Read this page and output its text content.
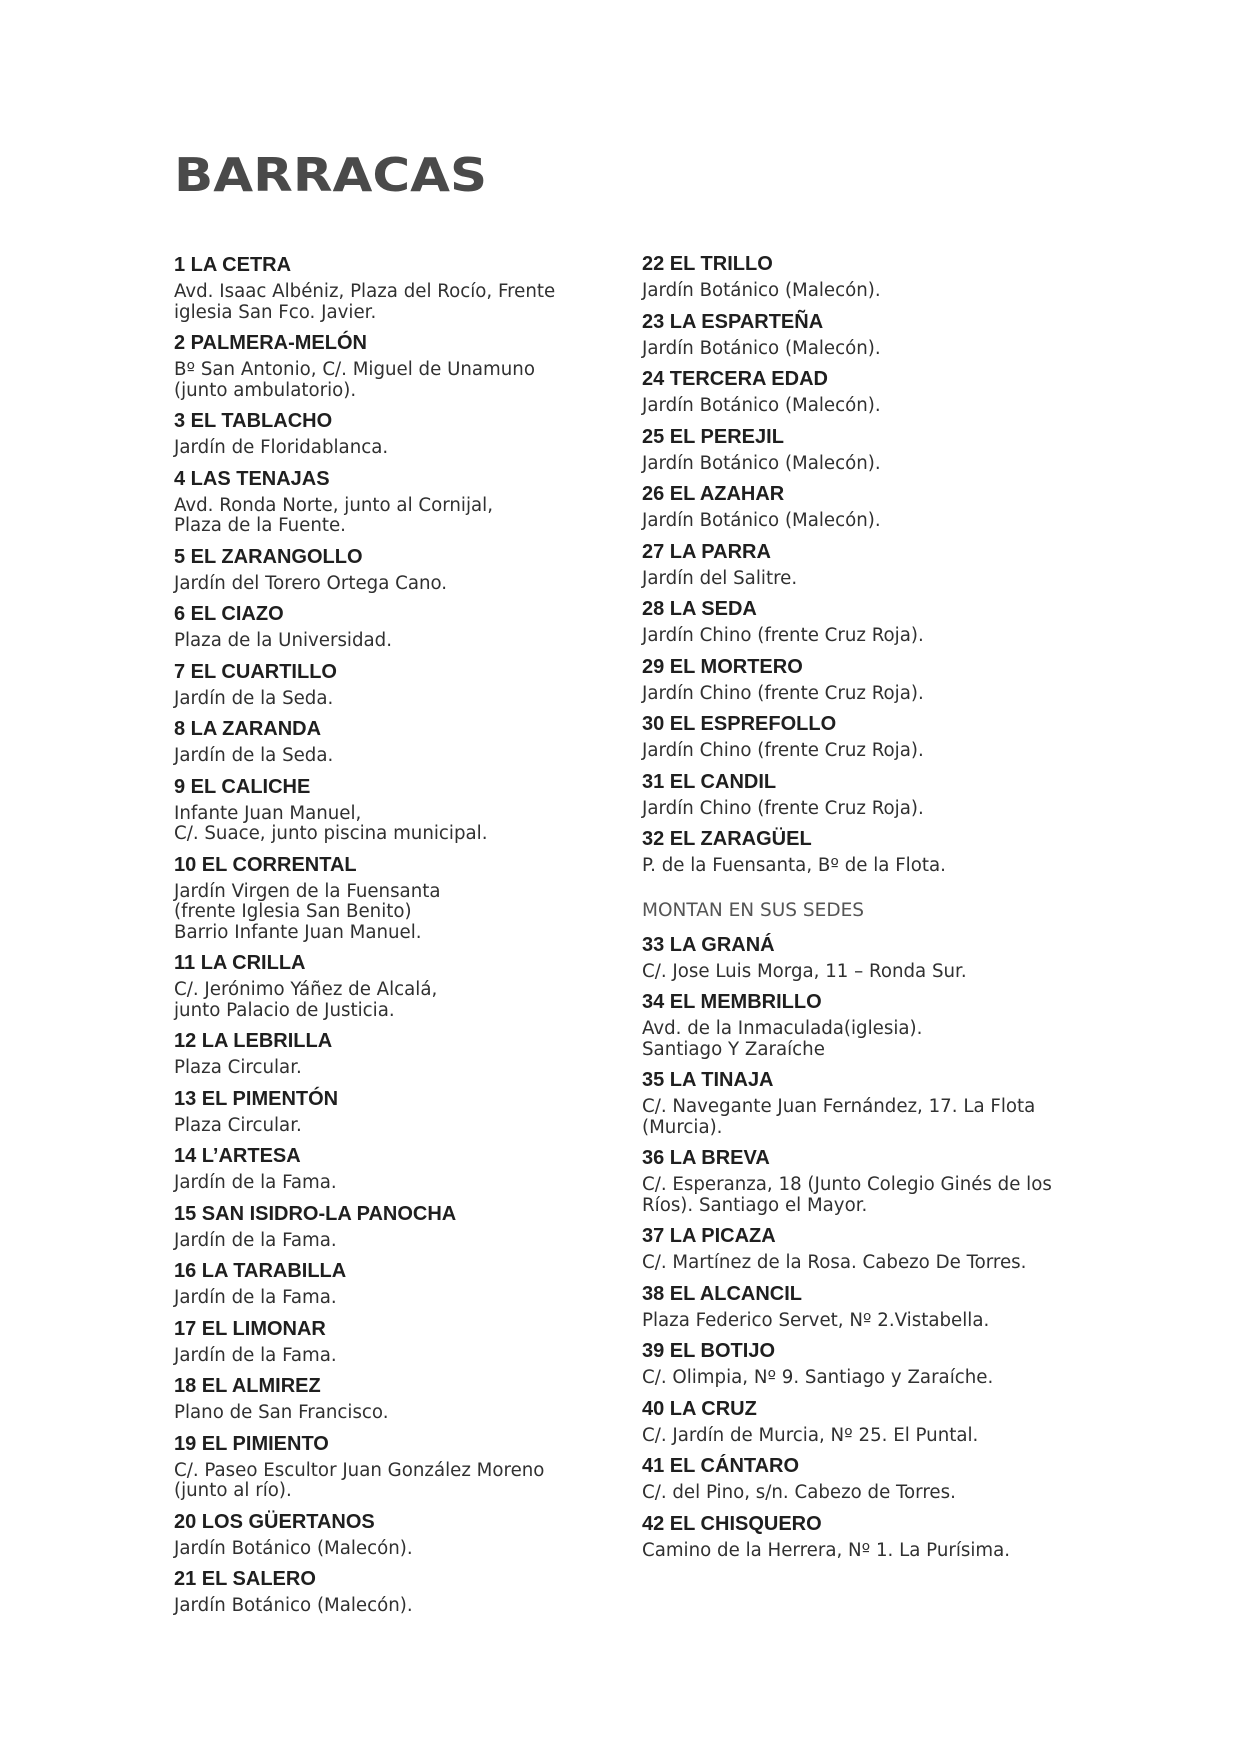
BARRACAS
1 LA CETRA
Avd. Isaac Albéniz, Plaza del Rocío, Frente
iglesia San Fco. Javier.
2 PALMERA-MELÓN
Bº San Antonio, C/. Miguel de Unamuno
(junto ambulatorio).
3 EL TABLACHO
Jardín de Floridablanca.
4 LAS TENAJAS
Avd. Ronda Norte, junto al Cornijal,
Plaza de la Fuente.
5 EL ZARANGOLLO
Jardín del Torero Ortega Cano.
6 EL CIAZO
Plaza de la Universidad.
7 EL CUARTILLO
Jardín de la Seda.
8 LA ZARANDA
Jardín de la Seda.
9 EL CALICHE
Infante Juan Manuel,
C/. Suace, junto piscina municipal.
10 EL CORRENTAL
Jardín Virgen de la Fuensanta
(frente Iglesia San Benito)
Barrio Infante Juan Manuel.
11 LA CRILLA
C/. Jerónimo Yáñez de Alcalá,
junto Palacio de Justicia.
12 LA LEBRILLA
Plaza Circular.
13 EL PIMENTÓN
Plaza Circular.
14 L’ARTESA
Jardín de la Fama.
15 SAN ISIDRO-LA PANOCHA
Jardín de la Fama.
16 LA TARABILLA
Jardín de la Fama.
17 EL LIMONAR
Jardín de la Fama.
18 EL ALMIREZ
Plano de San Francisco.
19 EL PIMIENTO
C/. Paseo Escultor Juan González Moreno
(junto al río).
20 LOS GÜERTANOS
Jardín Botánico (Malecón).
21 EL SALERO
Jardín Botánico (Malecón).
22 EL TRILLO
Jardín Botánico (Malecón).
23 LA ESPARTEÑA
Jardín Botánico (Malecón).
24 TERCERA EDAD
Jardín Botánico (Malecón).
25 EL PEREJIL
Jardín Botánico (Malecón).
26 EL AZAHAR
Jardín Botánico (Malecón).
27 LA PARRA
Jardín del Salitre.
28 LA SEDA
Jardín Chino (frente Cruz Roja).
29 EL MORTERO
Jardín Chino (frente Cruz Roja).
30 EL ESPREFOLLO
Jardín Chino (frente Cruz Roja).
31 EL CANDIL
Jardín Chino (frente Cruz Roja).
32 EL ZARAGÜEL
P. de la Fuensanta, Bº de la Flota.
MONTAN EN SUS SEDES
33 LA GRANÁ
C/. Jose Luis Morga, 11 – Ronda Sur.
34 EL MEMBRILLO
Avd. de la Inmaculada(iglesia).
Santiago Y Zaraíche
35 LA TINAJA
C/. Navegante Juan Fernández, 17. La Flota
(Murcia).
36 LA BREVA
C/. Esperanza, 18 (Junto Colegio Ginés de los
Ríos). Santiago el Mayor.
37 LA PICAZA
C/. Martínez de la Rosa. Cabezo De Torres.
38 EL ALCANCIL
Plaza Federico Servet, Nº 2.Vistabella.
39 EL BOTIJO
C/. Olimpia, Nº 9. Santiago y Zaraíche.
40 LA CRUZ
C/. Jardín de Murcia, Nº 25. El Puntal.
41 EL CÁNTARO
C/. del Pino, s/n. Cabezo de Torres.
42 EL CHISQUERO
Camino de la Herrera, Nº 1. La Purísima.
